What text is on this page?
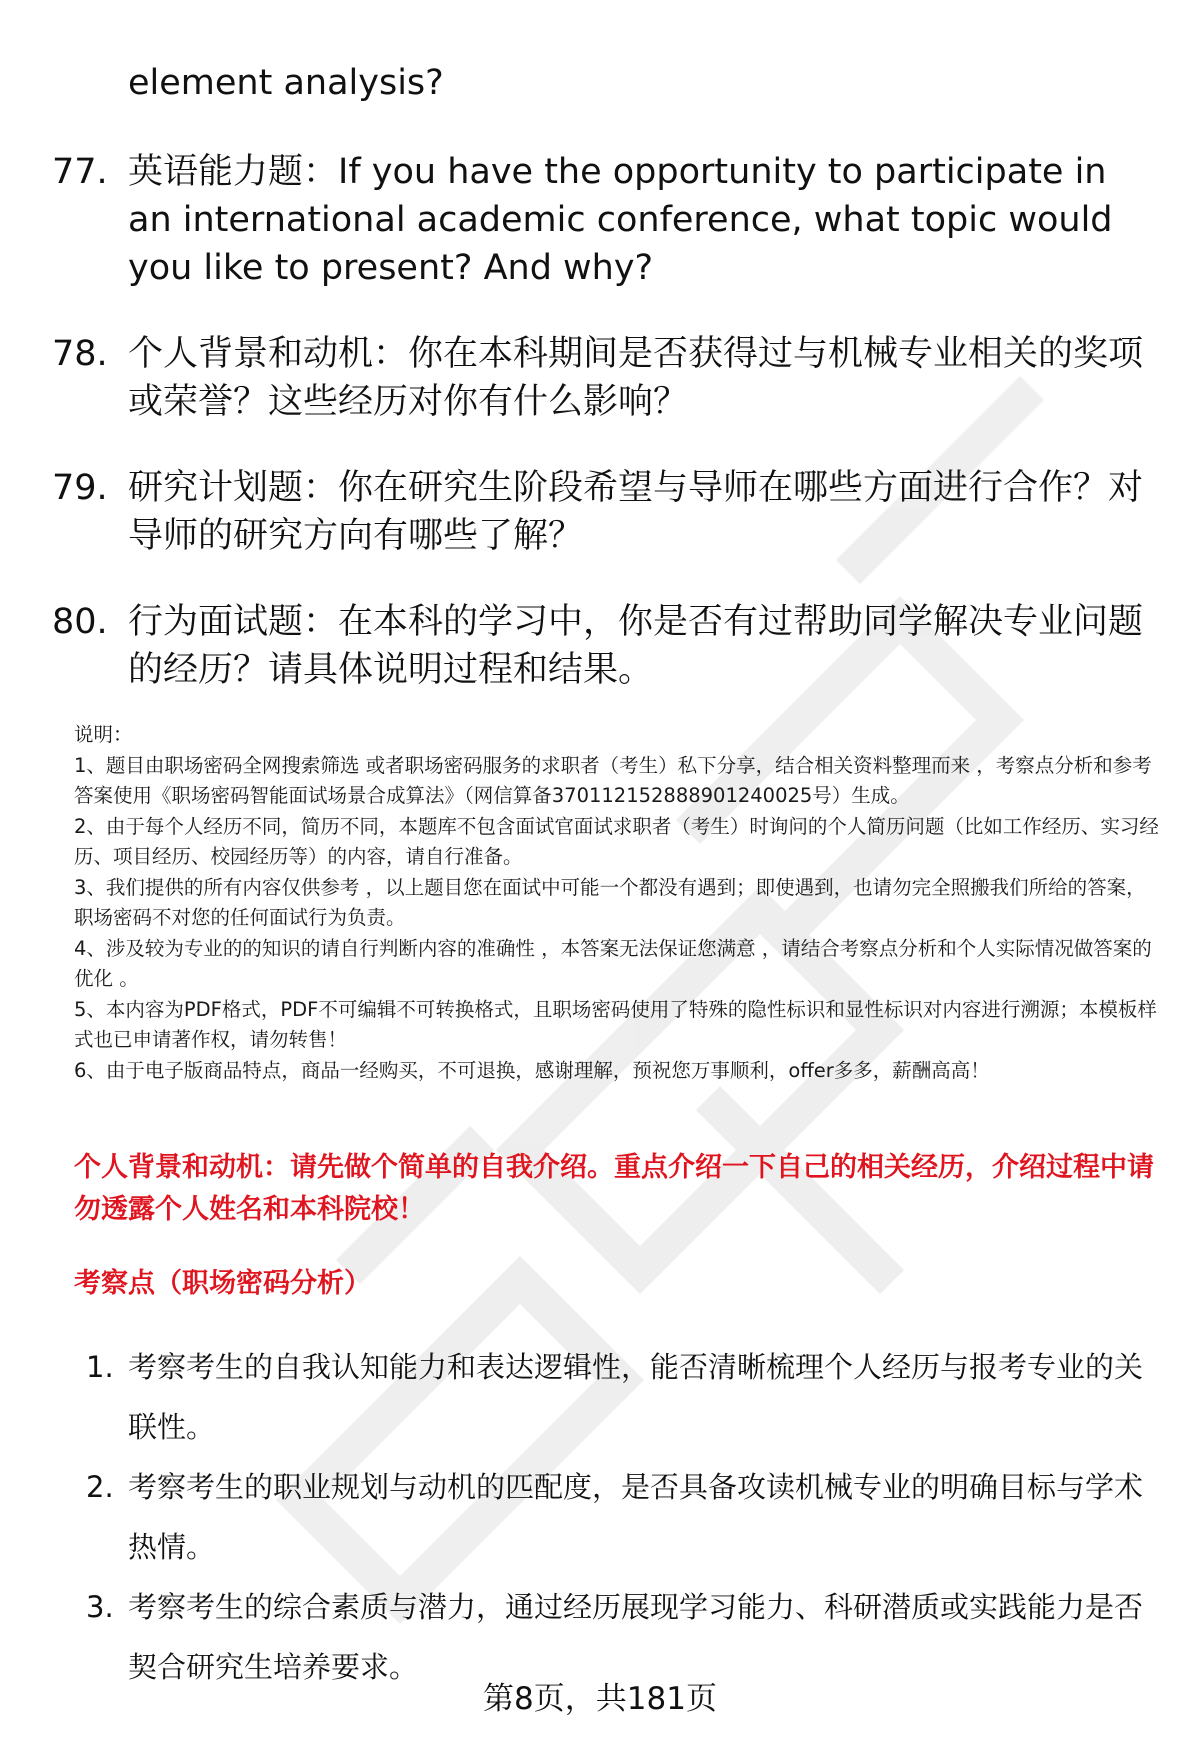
element analysis?
77. 英语能力题：If you have the opportunity to participate in an international academic conference, what topic would you like to present? And why?
78. 个人背景和动机：你在本科期间是否获得过与机械专业相关的奖项或荣誉？这些经历对你有什么影响？
79. 研究计划题：你在研究生阶段希望与导师在哪些方面进行合作？对导师的研究方向有哪些了解？
80. 行为面试题：在本科的学习中，你是否有过帮助同学解决专业问题的经历？请具体说明过程和结果。

说明：

1、题目由职场密码全网搜索筛选 或者职场密码服务的求职者（考生）私下分享，结合相关资料整理而来 ，考察点分析和参考答案使用《职场密码智能面试场景合成算法》（网信算备370112152888901240025号）生成。

2、由于每个人经历不同，简历不同，本题库不包含面试官面试求职者（考生）时询问的个人简历问题（比如工作经历、实习经历、项目经历、校园经历等）的内容，请自行准备。

3、我们提供的所有内容仅供参考 ，以上题目您在面试中可能一个都没有遇到；即使遇到，也请勿完全照搬我们所给的答案，职场密码不对您的任何面试行为负责。

4、涉及较为专业的的知识的请自行判断内容的准确性 ，本答案无法保证您满意 ，请结合考察点分析和个人实际情况做答案的优化 。

5、本内容为PDF格式，PDF不可编辑不可转换格式，且职场密码使用了特殊的隐性标识和显性标识对内容进行溯源；本模板样式也已申请著作权，请勿转售！

6、由于电子版商品特点，商品一经购买，不可退换，感谢理解，预祝您万事顺利，offer多多，薪酬高高！

个人背景和动机：请先做个简单的自我介绍。重点介绍一下自己的相关经历，介绍过程中请勿透露个人姓名和本科院校！
考察点（职场密码分析）
1. 考察考生的自我认知能力和表达逻辑性，能否清晰梳理个人经历与报考专业的关联性。
2. 考察考生的职业规划与动机的匹配度，是否具备攻读机械专业的明确目标与学术热情。
3. 考察考生的综合素质与潜力，通过经历展现学习能力、科研潜质或实践能力是否契合研究生培养要求。
第8页，共181页
